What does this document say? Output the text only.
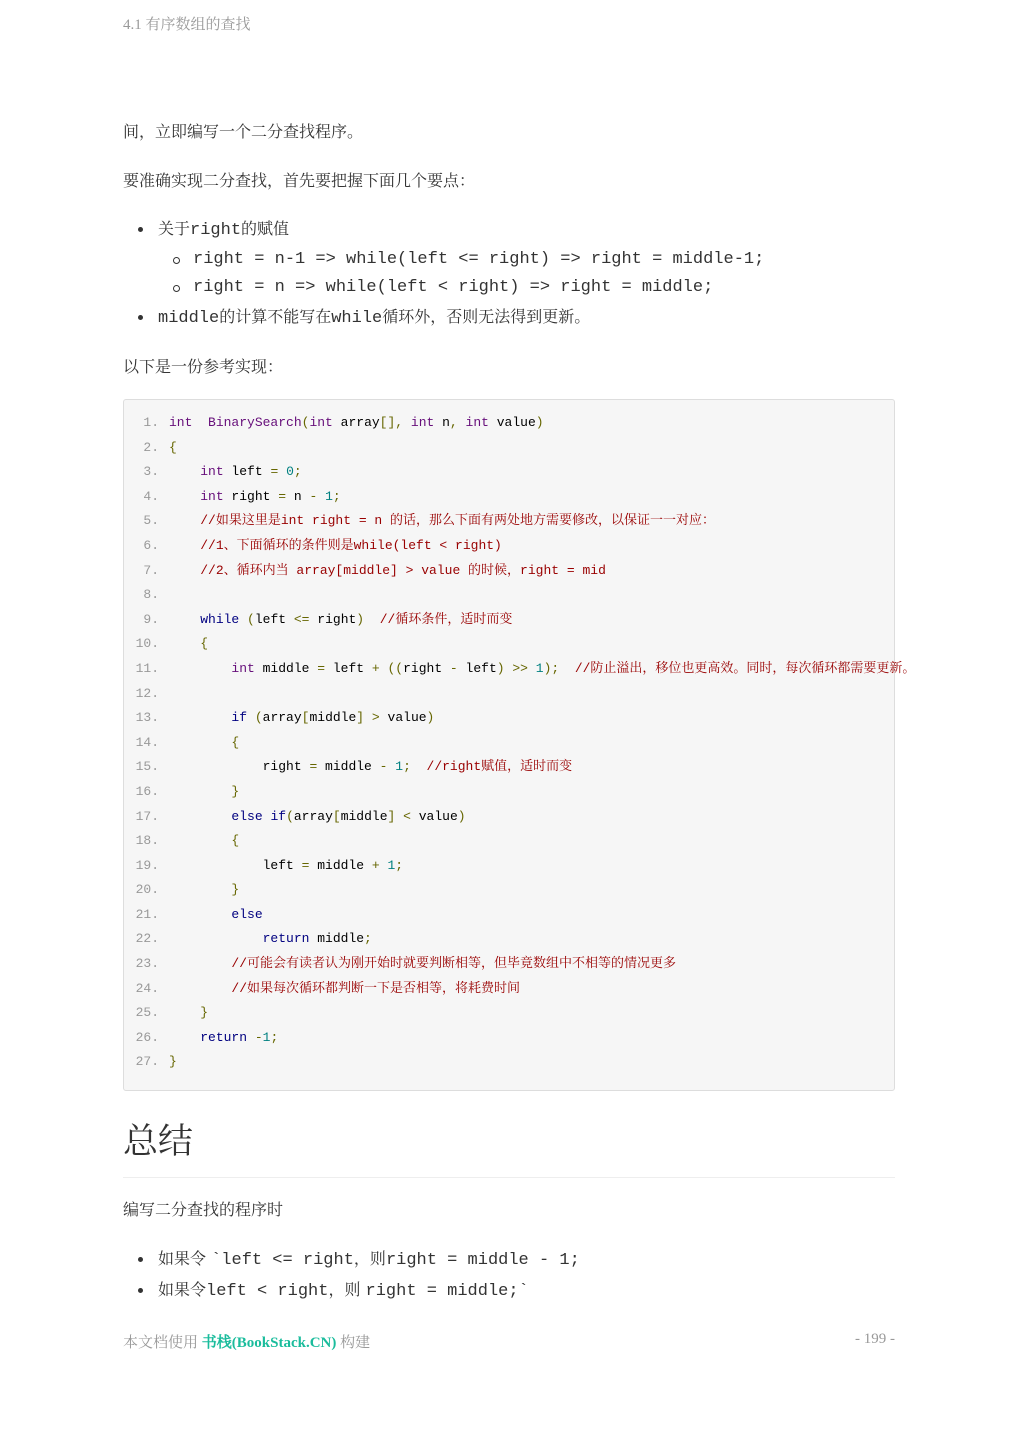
4.1 有序数组的查找

间，立即编写一个二分查找程序。

要准确实现二分查找，首先要把握下面几个要点：

关于right的赋值
right = n-1 => while(left <= right) => right = middle-1;
right = n => while(left < right) => right = middle;
middle的计算不能写在while循环外，否则无法得到更新。

以下是一份参考实现：

1. int BinarySearch(int array[], int n, int value)
2. {
3.	int left = 0;
4.	int right = n - 1;
5.	//如果这里是int right = n 的话，那么下面有两处地方需要修改，以保证一一对应：
6.	//1、下面循环的条件则是while(left < right)
7.	//2、循环内当 array[middle] > value 的时候，right = mid
8.
9.	while (left <= right) //循环条件，适时而变
10.	{
11.	int middle = left + ((right - left) >> 1); //防止溢出，移位也更高效。同时，每次循环都需要更新。
12.
13.	if (array[middle] > value)
14.	{
15.            right = middle - 1; //right赋值，适时而变
16.	}
17.	else if(array[middle] < value)
18.	{
19.            left = middle + 1;
20.	}
21.	else
22.	return middle;
23.	//可能会有读者认为刚开始时就要判断相等，但毕竟数组中不相等的情况更多
24.	//如果每次循环都判断一下是否相等，将耗费时间
25.	}
26.	return -1;
27. }
总结
编写二分查找的程序时
如果令 `left <= right，则right = middle - 1;
如果令left < right，则 right = middle;`
本文档使用 书栈(BookStack.CN) 构建	- 199 -
